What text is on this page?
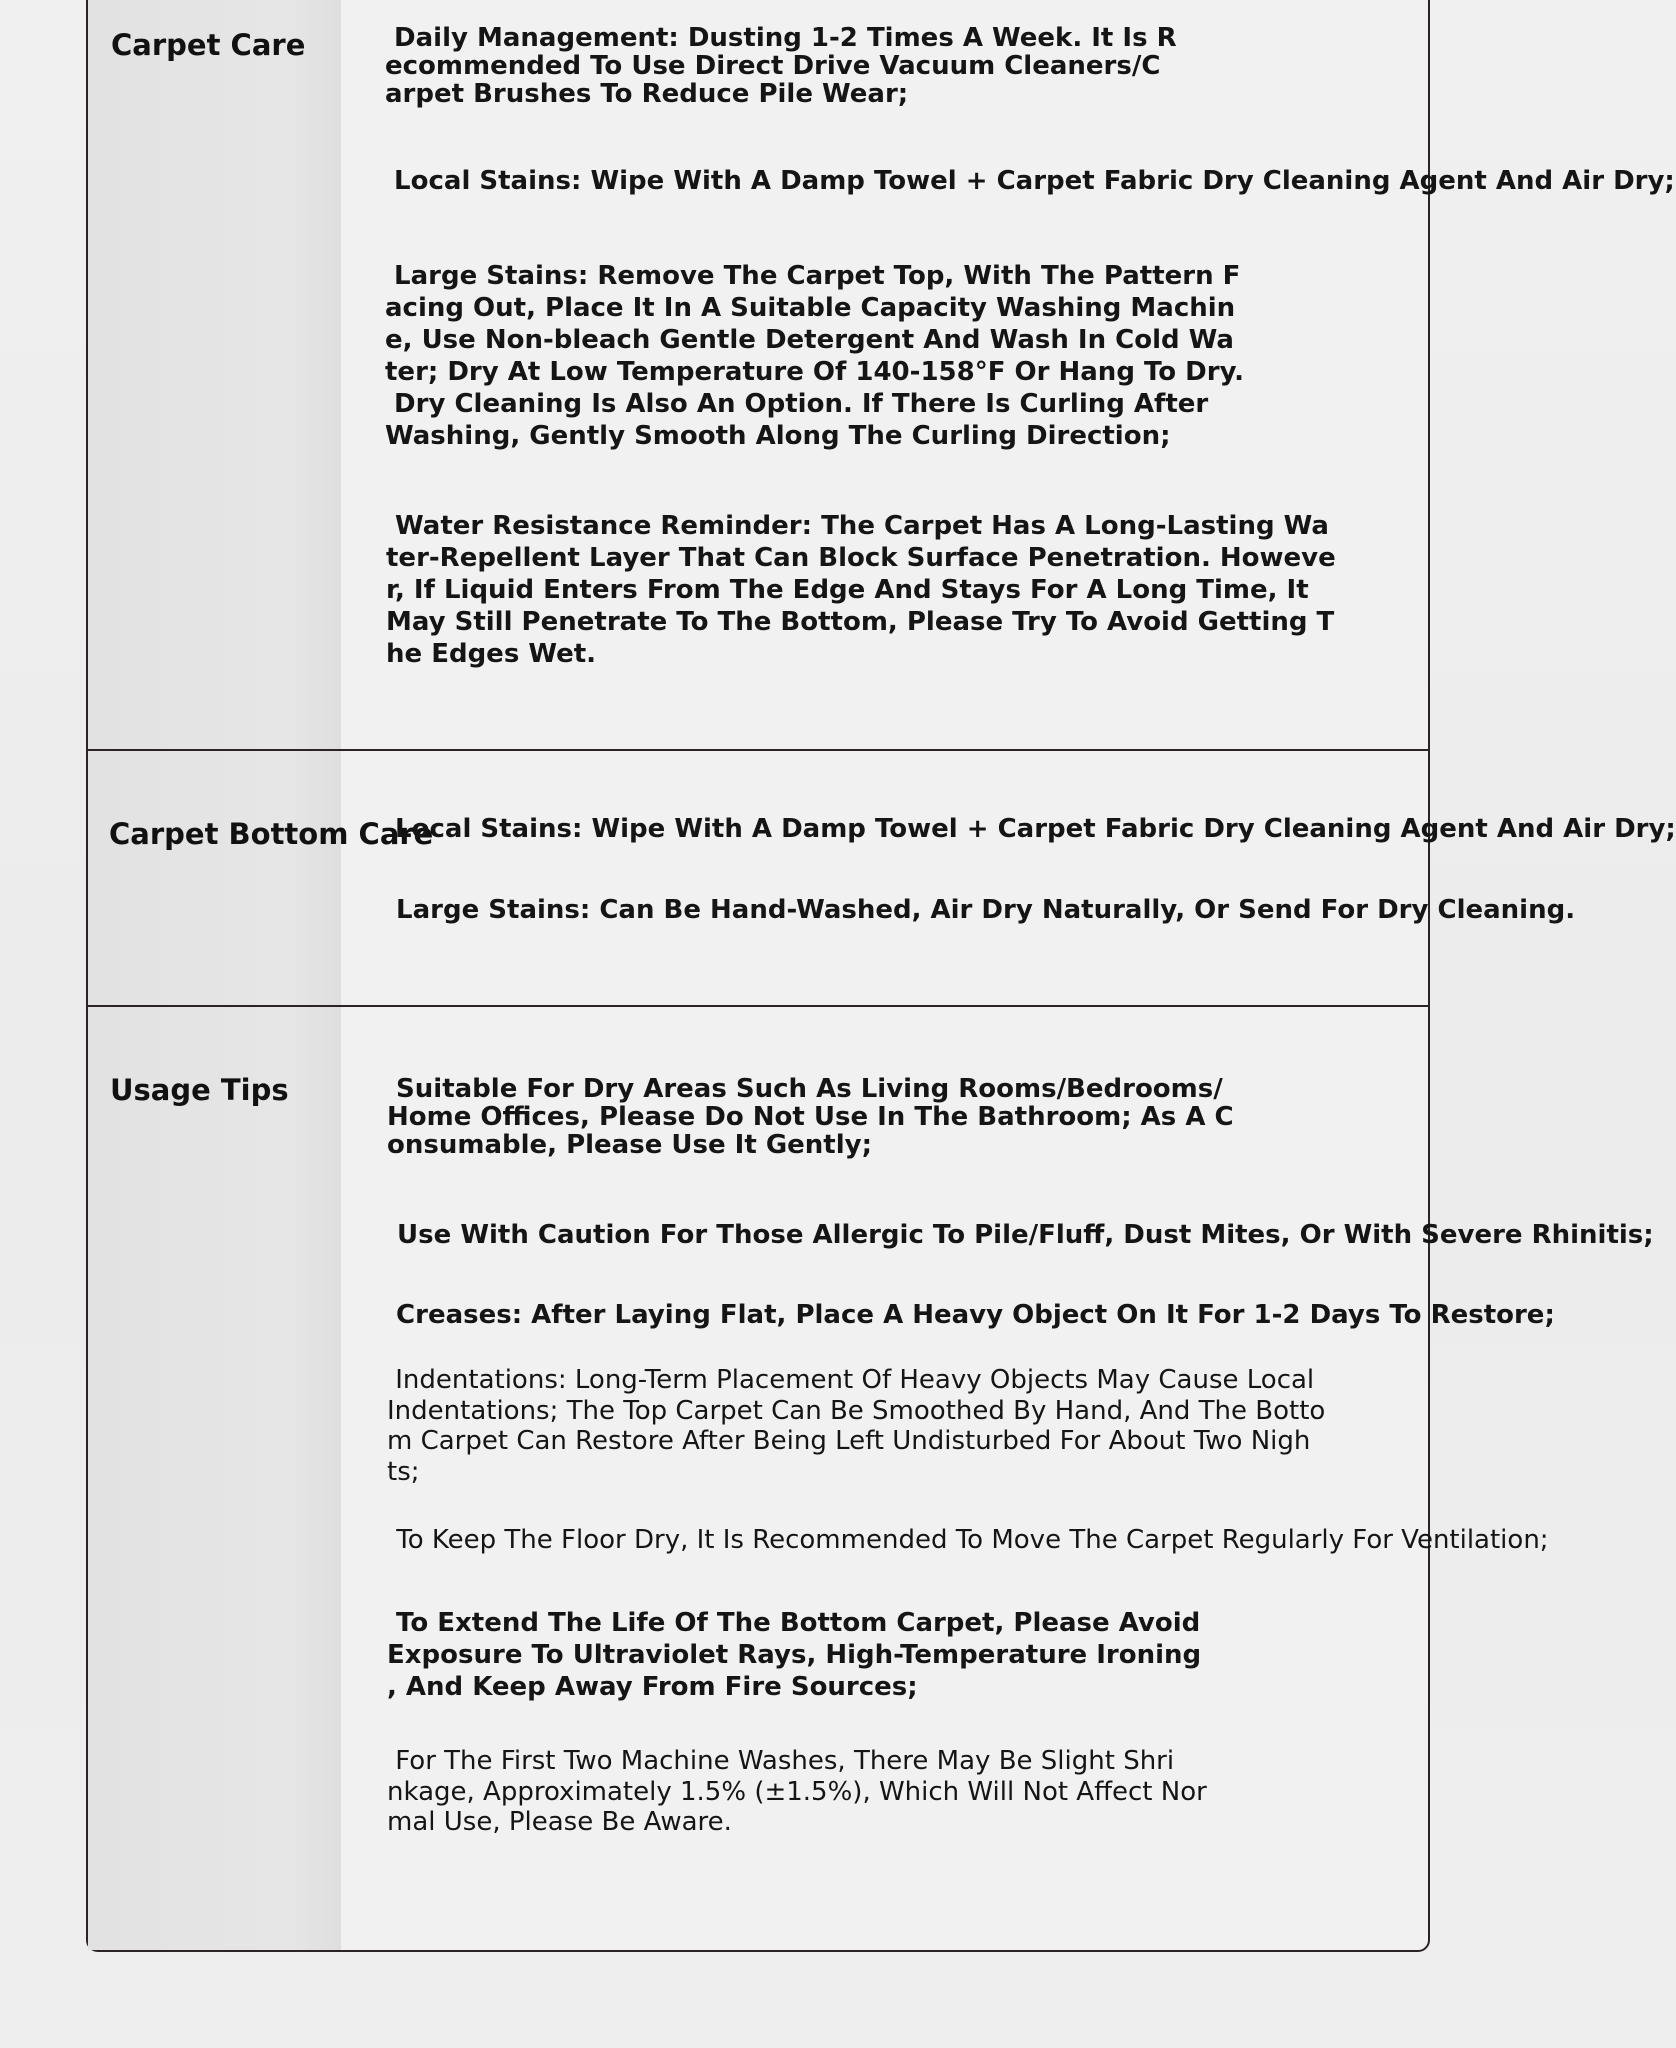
Carpet Care	Daily Management: Dusting 1-2 Times A Week. It Is R
ecommended To Use Direct Drive Vacuum Cleaners/C
arpet Brushes To Reduce Pile Wear;
Local Stains: Wipe With A Damp Towel + Carpet Fabric Dry Cleaning Agent And Air Dry;
Large Stains: Remove The Carpet Top, With The Pattern F
acing Out, Place It In A Suitable Capacity Washing Machin
e, Use Non-bleach Gentle Detergent And Wash In Cold Wa
ter; Dry At Low Temperature Of 140-158°F Or Hang To Dry.
Dry Cleaning Is Also An Option. If There Is Curling After
Washing, Gently Smooth Along The Curling Direction;
Water Resistance Reminder: The Carpet Has A Long-Lasting Wa
ter-Repellent Layer That Can Block Surface Penetration. Howeve
r, If Liquid Enters From The Edge And Stays For A Long Time, It
May Still Penetrate To The Bottom, Please Try To Avoid Getting T
he Edges Wet.
Carpet Bottom Care
Local Stains: Wipe With A Damp Towel + Carpet Fabric Dry Cleaning Agent And Air Dry;
Large Stains: Can Be Hand-Washed, Air Dry Naturally, Or Send For Dry Cleaning.
Usage Tips	Suitable For Dry Areas Such As Living Rooms/Bedrooms/
Home Offices, Please Do Not Use In The Bathroom; As A C
onsumable, Please Use It Gently;
Use With Caution For Those Allergic To Pile/Fluff, Dust Mites, Or With Severe Rhinitis;
Creases: After Laying Flat, Place A Heavy Object On It For 1-2 Days To Restore;
Indentations: Long-Term Placement Of Heavy Objects May Cause Local
Indentations; The Top Carpet Can Be Smoothed By Hand, And The Botto
m Carpet Can Restore After Being Left Undisturbed For About Two Nigh
ts;
To Keep The Floor Dry, It Is Recommended To Move The Carpet Regularly For Ventilation;
To Extend The Life Of The Bottom Carpet, Please Avoid
Exposure To Ultraviolet Rays, High-Temperature Ironing
, And Keep Away From Fire Sources;
For The First Two Machine Washes, There May Be Slight Shri
nkage, Approximately 1.5% (±1.5%), Which Will Not Affect Nor
mal Use, Please Be Aware.
